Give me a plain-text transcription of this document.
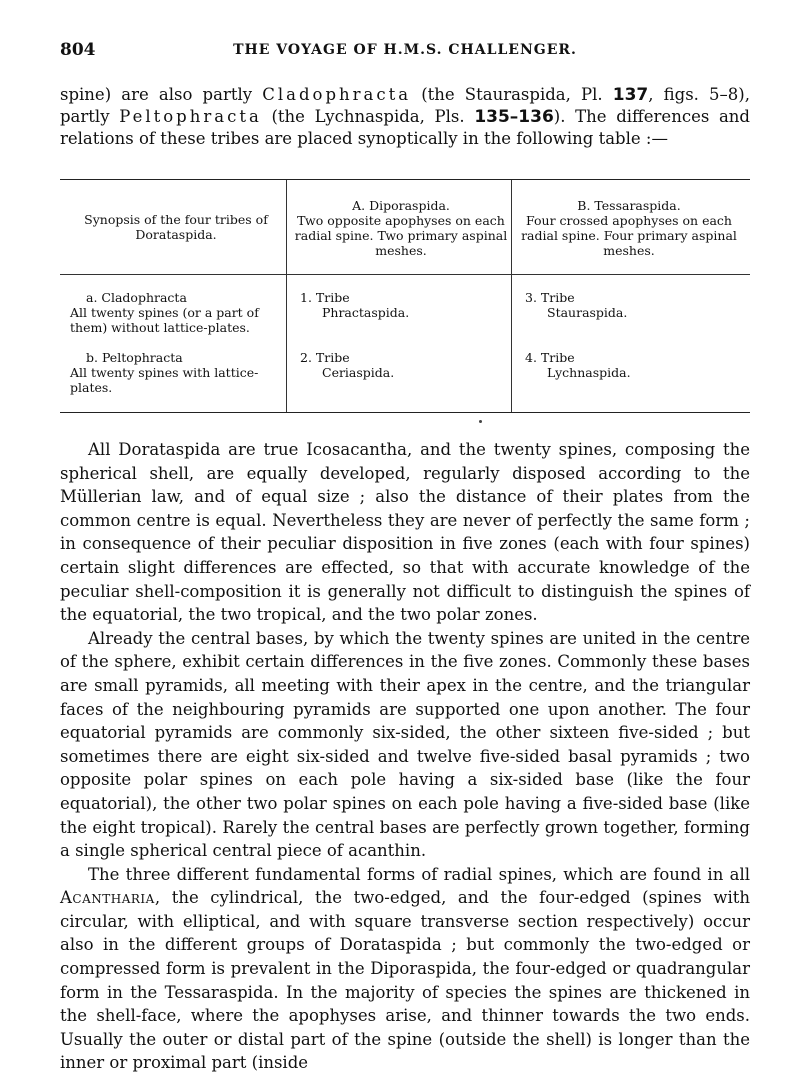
804	THE VOYAGE OF H.M.S. CHALLENGER.
spine) are also partly Cladophracta (the Stauraspida, Pl. 137, figs. 5–8), partly Peltophracta (the Lychnaspida, Pls. 135–136). The differences and relations of these tribes are placed synoptically in the following table :—
Synopsis of the four tribes of Dorataspida.
A. Diporaspida.
Two opposite apophyses on each radial spine. Two primary aspinal meshes.
B. Tessaraspida.
Four crossed apophyses on each radial spine. Four primary aspinal meshes.
a. Cladophracta
All twenty spines (or a part of them) without lattice-plates.
1. Tribe
Phractaspida.
3. Tribe
Stauraspida.
b. Peltophracta
All twenty spines with lattice-plates.
2. Tribe
Ceriaspida.
4. Tribe
Lychnaspida.

All Dorataspida are true Icosacantha, and the twenty spines, composing the spherical shell, are equally developed, regularly disposed according to the Müllerian law, and of equal size ; also the distance of their plates from the common centre is equal. Nevertheless they are never of perfectly the same form ; in consequence of their peculiar disposition in five zones (each with four spines) certain slight differences are effected, so that with accurate knowledge of the peculiar shell-composition it is generally not difficult to distinguish the spines of the equatorial, the two tropical, and the two polar zones.

Already the central bases, by which the twenty spines are united in the centre of the sphere, exhibit certain differences in the five zones. Commonly these bases are small pyramids, all meeting with their apex in the centre, and the triangular faces of the neighbouring pyramids are supported one upon another. The four equatorial pyramids are commonly six-sided, the other sixteen five-sided ; but sometimes there are eight six-sided and twelve five-sided basal pyramids ; two opposite polar spines on each pole having a six-sided base (like the four equatorial), the other two polar spines on each pole having a five-sided base (like the eight tropical). Rarely the central bases are perfectly grown together, forming a single spherical central piece of acanthin.

The three different fundamental forms of radial spines, which are found in all Acantharia, the cylindrical, the two-edged, and the four-edged (spines with circular, with elliptical, and with square transverse section respectively) occur also in the different groups of Dorataspida ; but commonly the two-edged or compressed form is prevalent in the Diporaspida, the four-edged or quadrangular form in the Tessaraspida. In the majority of species the spines are thickened in the shell-face, where the apophyses arise, and thinner towards the two ends. Usually the outer or distal part of the spine (outside the shell) is longer than the inner or proximal part (inside
